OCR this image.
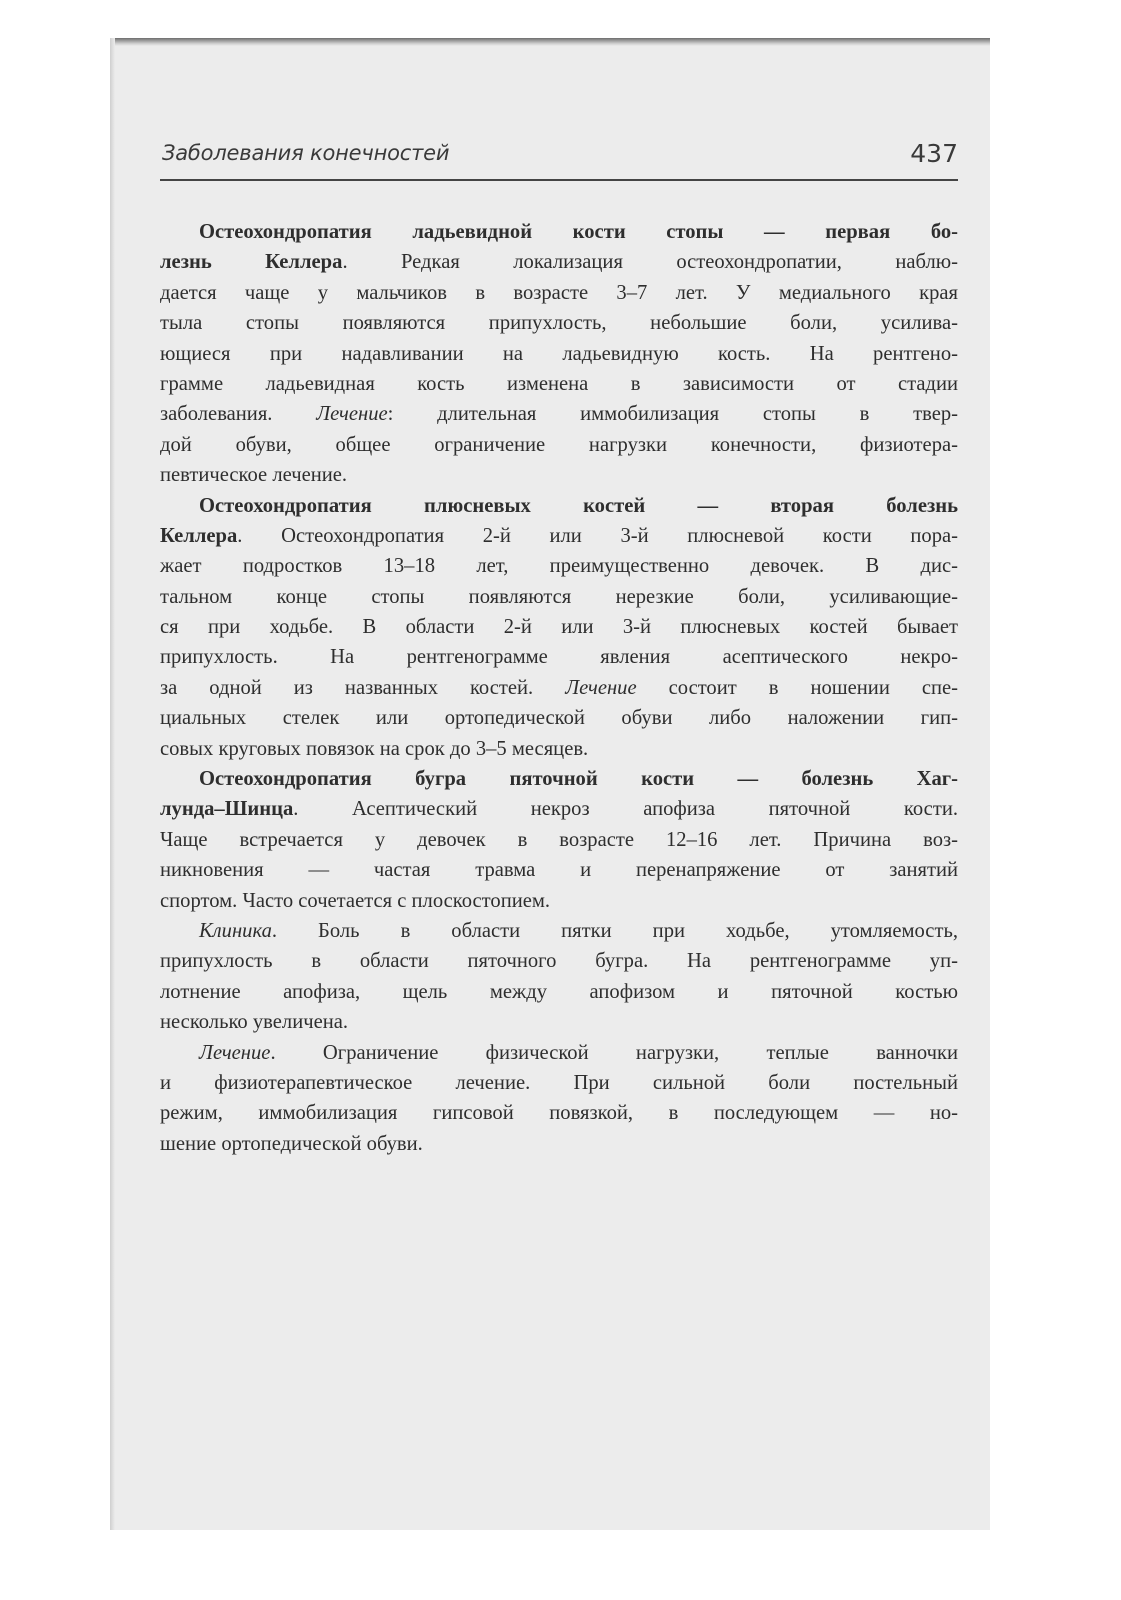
Заболевания конечностей	437
Остеохондропатия ладьевидной кости стопы — первая бо-
лезнь Келлера. Редкая локализация остеохондропатии, наблю-
дается чаще у мальчиков в возрасте 3–7 лет. У медиального края
тыла стопы появляются припухлость, небольшие боли, усилива-
ющиеся при надавливании на ладьевидную кость. На рентгено-
грамме ладьевидная кость изменена в зависимости от стадии
заболевания. Лечение: длительная иммобилизация стопы в твер-
дой обуви, общее ограничение нагрузки конечности, физиотера-
певтическое лечение.
Остеохондропатия плюсневых костей — вторая болезнь
Келлера. Остеохондропатия 2-й или 3-й плюсневой кости пора-
жает подростков 13–18 лет, преимущественно девочек. В дис-
тальном конце стопы появляются нерезкие боли, усиливающие-
ся при ходьбе. В области 2-й или 3-й плюсневых костей бывает
припухлость. На рентгенограмме явления асептического некро-
за одной из названных костей. Лечение состоит в ношении спе-
циальных стелек или ортопедической обуви либо наложении гип-
совых круговых повязок на срок до 3–5 месяцев.
Остеохондропатия бугра пяточной кости — болезнь Хаг-
лунда–Шинца. Асептический некроз апофиза пяточной кости.
Чаще встречается у девочек в возрасте 12–16 лет. Причина воз-
никновения — частая травма и перенапряжение от занятий
спортом. Часто сочетается с плоскостопием.
Клиника. Боль в области пятки при ходьбе, утомляемость,
припухлость в области пяточного бугра. На рентгенограмме уп-
лотнение апофиза, щель между апофизом и пяточной костью
несколько увеличена.
Лечение. Ограничение физической нагрузки, теплые ванночки
и физиотерапевтическое лечение. При сильной боли постельный
режим, иммобилизация гипсовой повязкой, в последующем — но-
шение ортопедической обуви.
